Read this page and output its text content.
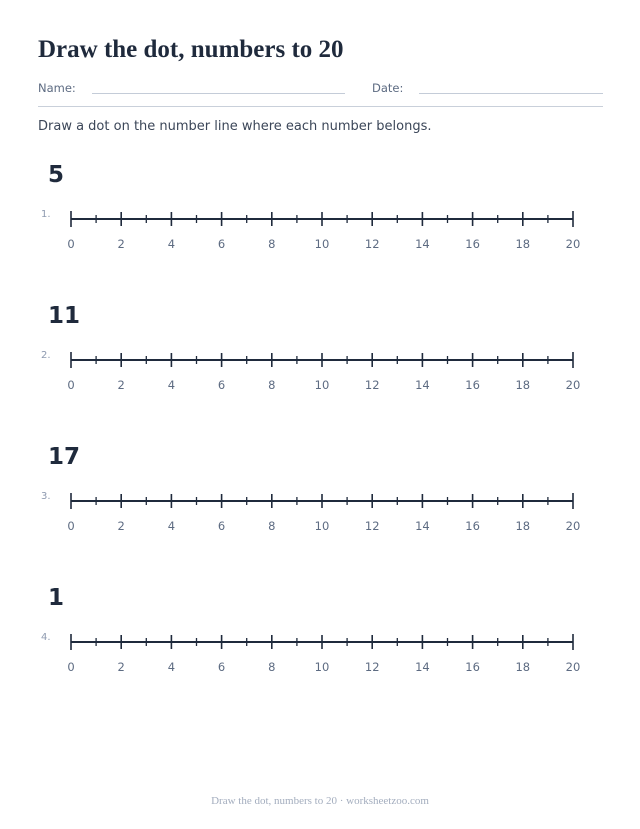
Draw the dot, numbers to 20
Name:	Date:

Draw a dot on the number line where each number belongs.

5
1.
0	2	4	6	8	10	12	14	16	18	20
11
2.
0	2	4	6	8	10	12	14	16	18	20
17
3.
0	2	4	6	8	10	12	14	16	18	20
1
4.
0	2	4	6	8	10	12	14	16	18	20
Draw the dot, numbers to 20 · worksheetzoo.com
